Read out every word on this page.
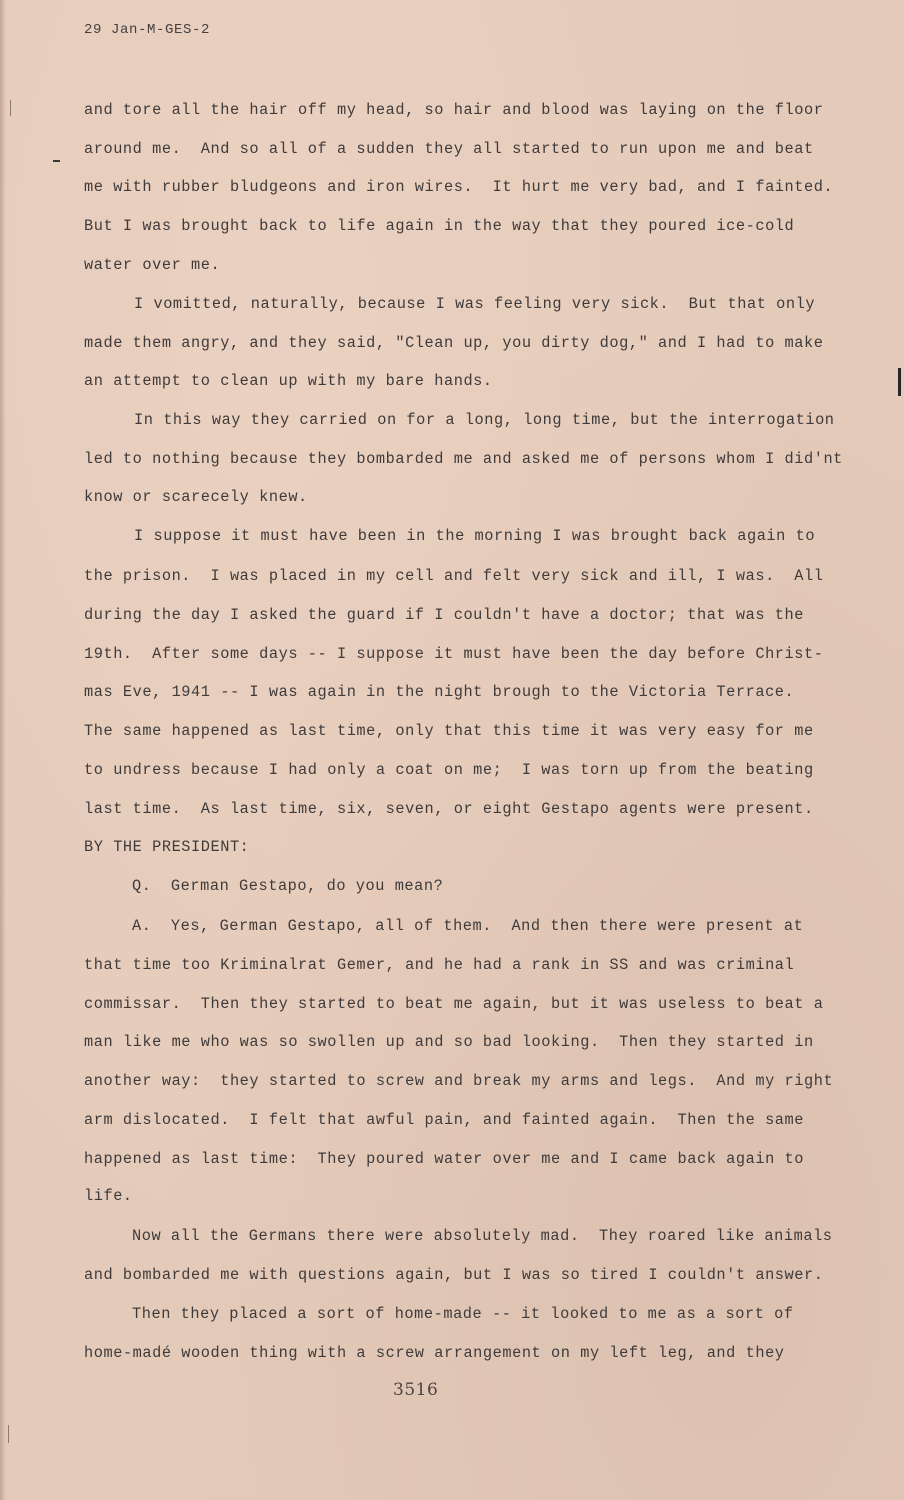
29 Jan-M-GES-2
and tore all the hair off my head, so hair and blood was laying on the floor
around me.  And so all of a sudden they all started to run upon me and beat
me with rubber bludgeons and iron wires.  It hurt me very bad, and I fainted.
But I was brought back to life again in the way that they poured ice-cold
water over me.
I vomitted, naturally, because I was feeling very sick.  But that only
made them angry, and they said, "Clean up, you dirty dog," and I had to make
an attempt to clean up with my bare hands.
In this way they carried on for a long, long time, but the interrogation
led to nothing because they bombarded me and asked me of persons whom I did'nt
know or scarecely knew.
I suppose it must have been in the morning I was brought back again to
the prison.  I was placed in my cell and felt very sick and ill, I was.  All
during the day I asked the guard if I couldn't have a doctor; that was the
19th.  After some days -- I suppose it must have been the day before Christ-
mas Eve, 1941 -- I was again in the night brough to the Victoria Terrace.
The same happened as last time, only that this time it was very easy for me
to undress because I had only a coat on me;  I was torn up from the beating
last time.  As last time, six, seven, or eight Gestapo agents were present.
BY THE PRESIDENT:
Q.  German Gestapo, do you mean?
A.  Yes, German Gestapo, all of them.  And then there were present at
that time too Kriminalrat Gemer, and he had a rank in SS and was criminal
commissar.  Then they started to beat me again, but it was useless to beat a
man like me who was so swollen up and so bad looking.  Then they started in
another way:  they started to screw and break my arms and legs.  And my right
arm dislocated.  I felt that awful pain, and fainted again.  Then the same
happened as last time:  They poured water over me and I came back again to
life.
Now all the Germans there were absolutely mad.  They roared like animals
and bombarded me with questions again, but I was so tired I couldn't answer.
Then they placed a sort of home-made -- it looked to me as a sort of
home-madé wooden thing with a screw arrangement on my left leg, and they
3516
